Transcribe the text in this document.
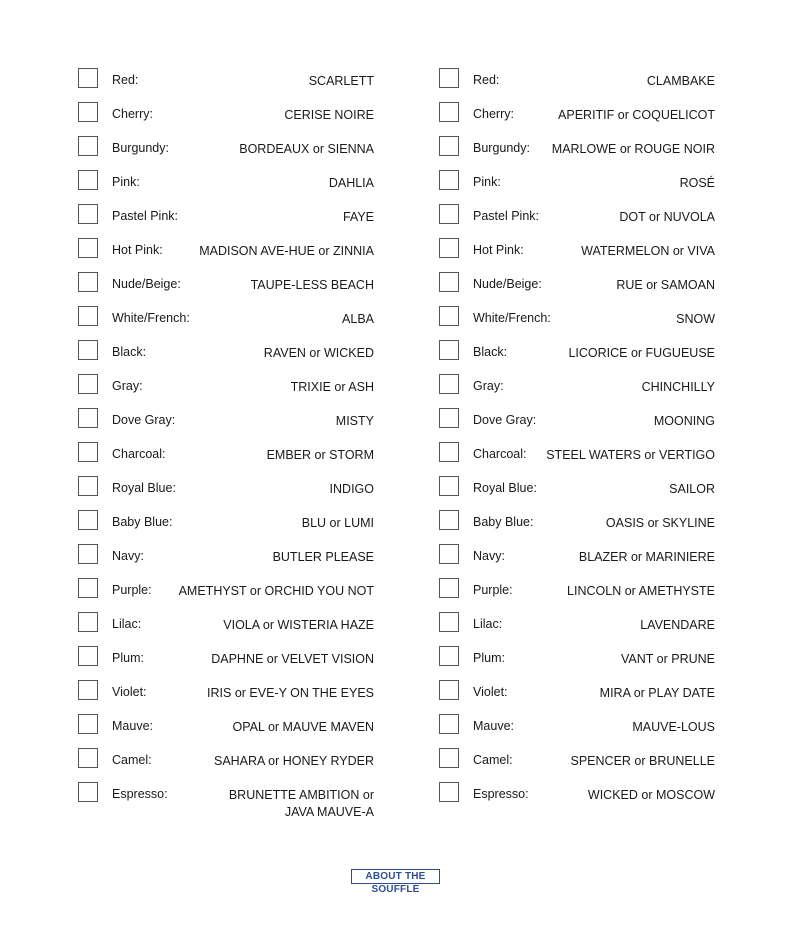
Red:	SCARLETT
Cherry:	CERISE NOIRE
Burgundy:	BORDEAUX or SIENNA
Pink:	DAHLIA
Pastel Pink:	FAYE
Hot Pink:	MADISON AVE-HUE or ZINNIA
Nude/Beige:	TAUPE-LESS BEACH
White/French:	ALBA
Black:	RAVEN or WICKED
Gray:	TRIXIE or ASH
Dove Gray:	MISTY
Charcoal:	EMBER or STORM
Royal Blue:	INDIGO
Baby Blue:	BLU or LUMI
Navy:	BUTLER PLEASE
Purple: AMETHYST or ORCHID YOU NOT
Lilac:	VIOLA or WISTERIA HAZE
Plum:	DAPHNE or VELVET VISION
Violet:	IRIS or EVE-Y ON THE EYES
Mauve:	OPAL or MAUVE MAVEN
Camel:	SAHARA or HONEY RYDER
Espresso:	BRUNETTE AMBITION or
JAVA MAUVE-A
Red:	CLAMBAKE
Cherry:	APERITIF or COQUELICOT
Burgundy: MARLOWE or ROUGE NOIR
Pink:	ROSÉ
Pastel Pink:	DOT or NUVOLA
Hot Pink:	WATERMELON or VIVA
Nude/Beige:	RUE or SAMOAN
White/French:	SNOW
Black:	LICORICE or FUGUEUSE
Gray:	CHINCHILLY
Dove Gray:	MOONING
Charcoal: STEEL WATERS or VERTIGO
Royal Blue:	SAILOR
Baby Blue:	OASIS or SKYLINE
Navy:	BLAZER or MARINIERE
Purple:	LINCOLN or AMETHYSTE
Lilac:	LAVENDARE
Plum:	VANT or PRUNE
Violet:	MIRA or PLAY DATE
Mauve:	MAUVE-LOUS
Camel:	SPENCER or BRUNELLE
Espresso:	WICKED or MOSCOW
ABOUT THE SOUFFLÉ
